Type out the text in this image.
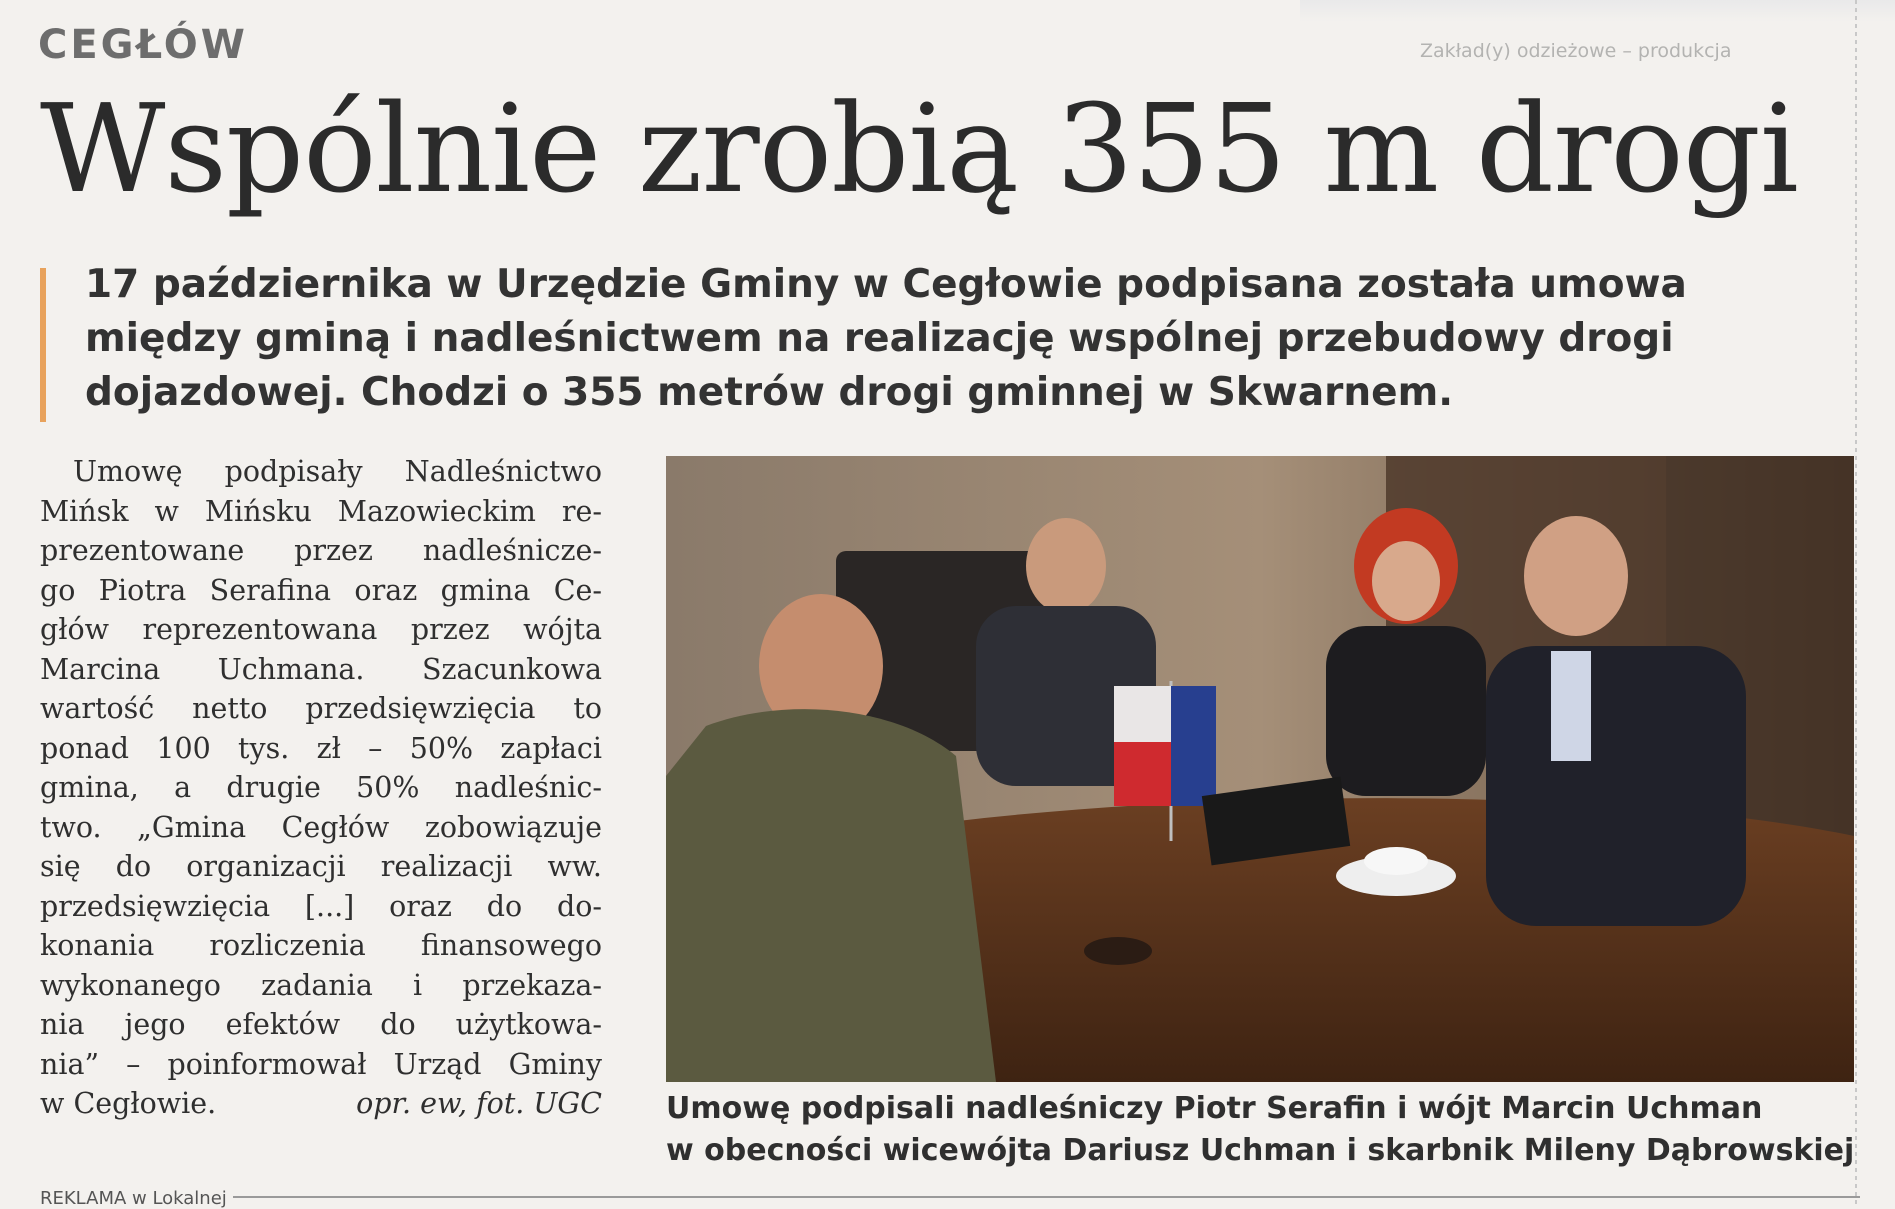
Zakład(y) odzieżowe – produkcja
CEGŁÓW
Wspólnie zrobią 355 m drogi
17 października w Urzędzie Gminy w Cegłowie podpisana została umowa
między gminą i nadleśnictwem na realizację wspólnej przebudowy drogi
dojazdowej. Chodzi o 355 metrów drogi gminnej w Skwarnem.
Umowę podpisały Nadleśnictwo
Mińsk w Mińsku Mazowieckim re-
prezentowane przez nadleśnicze-
go Piotra Serafina oraz gmina Ce-
głów reprezentowana przez wójta
Marcina Uchmana. Szacunkowa
wartość netto przedsięwzięcia to
ponad 100 tys. zł – 50% zapłaci
gmina, a drugie 50% nadleśnic-
two. „Gmina Cegłów zobowiązuje
się do organizacji realizacji ww.
przedsięwzięcia [...] oraz do do-
konania rozliczenia finansowego
wykonanego zadania i przekaza-
nia jego efektów do użytkowa-
nia” – poinformował Urząd Gminy
w Cegłowie.	opr. ew, fot. UGC Umowę podpisali nadleśniczy Piotr Serafin i wójt Marcin Uchman
w obecności wicewójta Dariusz Uchman i skarbnik Mileny Dąbrowskiej
REKLAMA w Lokalnej
